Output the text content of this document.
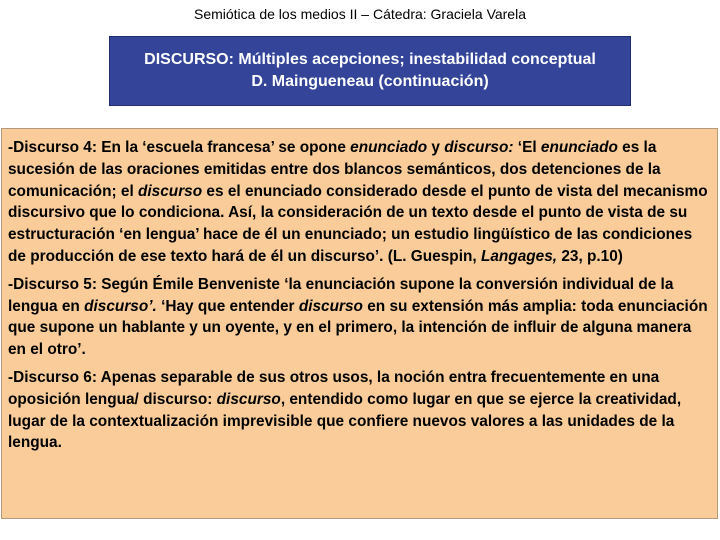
Semiótica de los medios II – Cátedra: Graciela Varela
DISCURSO: Múltiples acepciones; inestabilidad conceptual
D. Maingueneau (continuación)

-Discurso 4: En la ‘escuela francesa’ se opone enunciado y discurso: ‘El enunciado es la sucesión de las oraciones emitidas entre dos blancos semánticos, dos detenciones de la comunicación; el discurso es el enunciado considerado desde el punto de vista del mecanismo discursivo que lo condiciona. Así, la consideración de un texto desde el punto de vista de su estructuración ‘en lengua’ hace de él un enunciado; un estudio lingüístico de las condiciones de producción de ese texto hará de él un discurso’. (L. Guespin, Langages, 23, p.10)

-Discurso 5: Según Émile Benveniste ‘la enunciación supone la conversión individual de la lengua en discurso’. ‘Hay que entender discurso en su extensión más amplia: toda enunciación que supone un hablante y un oyente, y en el primero, la intención de influir de alguna manera en el otro’.

-Discurso 6: Apenas separable de sus otros usos, la noción entra frecuentemente en una oposición lengua/ discurso: discurso, entendido como lugar en que se ejerce la creatividad, lugar de la contextualización imprevisible que confiere nuevos valores a las unidades de la lengua.
